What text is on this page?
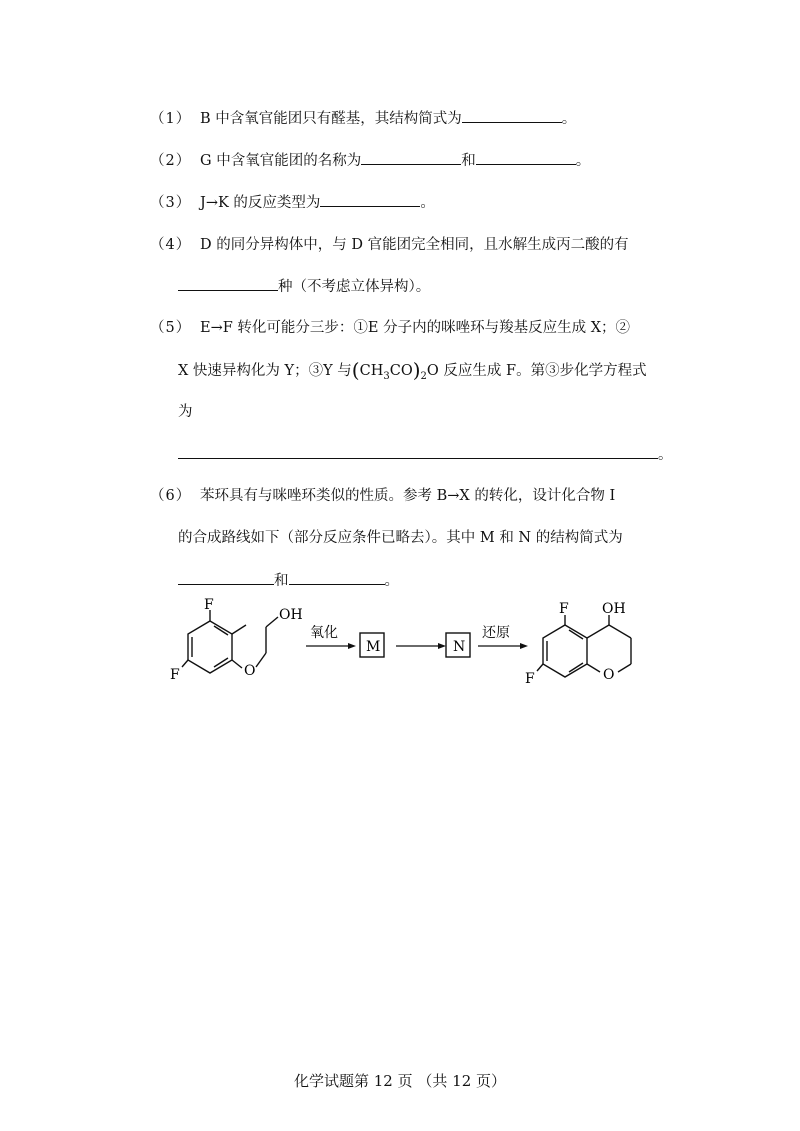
（1） B 中含氧官能团只有醛基，其结构简式为	。
（2） G 中含氧官能团的名称为	和	。
（3） J→K 的反应类型为	。
（4） D 的同分异构体中，与 D 官能团完全相同，且水解生成丙二酸的有
种（不考虑立体异构）。
（5） E→F 转化可能分三步：①E 分子内的咪唑环与羧基反应生成 X；②
X 快速异构化为 Y；③Y 与$(CH_3CO)_2O$ 反应生成 F。第③步化学方程式
为
。
（6） 苯环具有与咪唑环类似的性质。参考 B→X 的转化，设计化合物 I
的合成路线如下（部分反应条件已略去）。其中 M 和 N 的结构简式为
和	。
F
F	O
OH
氧化
M	N
还原
F OH
F	O
化学试题第 12 页 （共 12 页）
